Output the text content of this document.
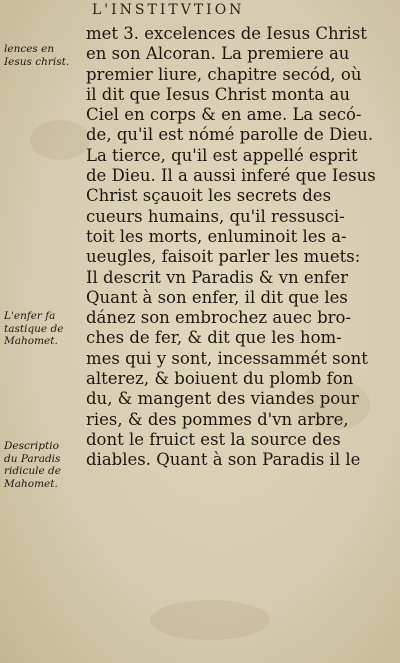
L'INSTITVTION

lences en
Iesus christ.
L'enfer fa
tastique de
Mahomet.
Descriptio
du Paradis
ridicule de
Mahomet.
met 3. excelences de Iesus Christ
en son Alcoran. La premiere au
premier liure, chapitre secód, où
il dit que Iesus Christ monta au
Ciel en corps & en ame. La secó-
de, qu'il est nómé parolle de Dieu.
La tierce, qu'il est appellé esprit
de Dieu. Il a aussi inferé que Iesus
Christ sçauoit les secrets des
cueurs humains, qu'il ressusci-
toit les morts, enluminoit les a-
ueugles, faisoit parler les muets:
Il descrit vn Paradis & vn enfer
Quant à son enfer, il dit que les
dánez son embrochez auec bro-
ches de fer, & dit que les hom-
mes qui y sont, incessammét sont
alterez, & boiuent du plomb fon
du, & mangent des viandes pour
ries, & des pommes d'vn arbre,
dont le fruict est la source des
diables. Quant à son Paradis il le
